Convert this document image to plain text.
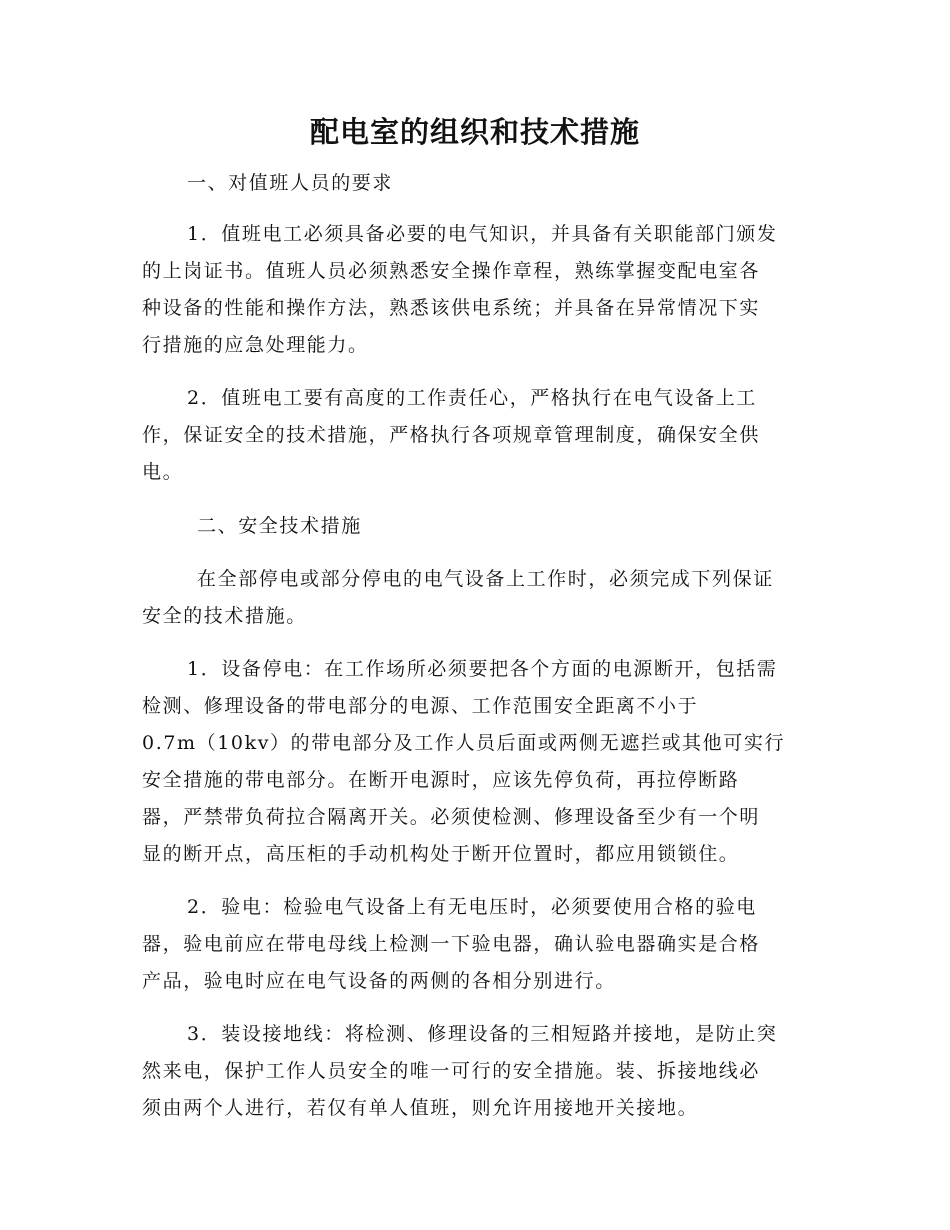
配电室的组织和技术措施

一、对值班人员的要求

1．值班电工必须具备必要的电气知识，并具备有关职能部门颁发

的上岗证书。值班人员必须熟悉安全操作章程，熟练掌握变配电室各

种设备的性能和操作方法，熟悉该供电系统；并具备在异常情况下实

行措施的应急处理能力。

2．值班电工要有高度的工作责任心，严格执行在电气设备上工

作，保证安全的技术措施，严格执行各项规章管理制度，确保安全供

电。

二、安全技术措施

在全部停电或部分停电的电气设备上工作时，必须完成下列保证

安全的技术措施。

1．设备停电：在工作场所必须要把各个方面的电源断开，包括需

检测、修理设备的带电部分的电源、工作范围安全距离不小于

0.7m（10kv）的带电部分及工作人员后面或两侧无遮拦或其他可实行

安全措施的带电部分。在断开电源时，应该先停负荷，再拉停断路

器，严禁带负荷拉合隔离开关。必须使检测、修理设备至少有一个明

显的断开点，高压柜的手动机构处于断开位置时，都应用锁锁住。

2．验电：检验电气设备上有无电压时，必须要使用合格的验电

器，验电前应在带电母线上检测一下验电器，确认验电器确实是合格

产品，验电时应在电气设备的两侧的各相分别进行。

3．装设接地线：将检测、修理设备的三相短路并接地，是防止突

然来电，保护工作人员安全的唯一可行的安全措施。装、拆接地线必

须由两个人进行，若仅有单人值班，则允许用接地开关接地。
